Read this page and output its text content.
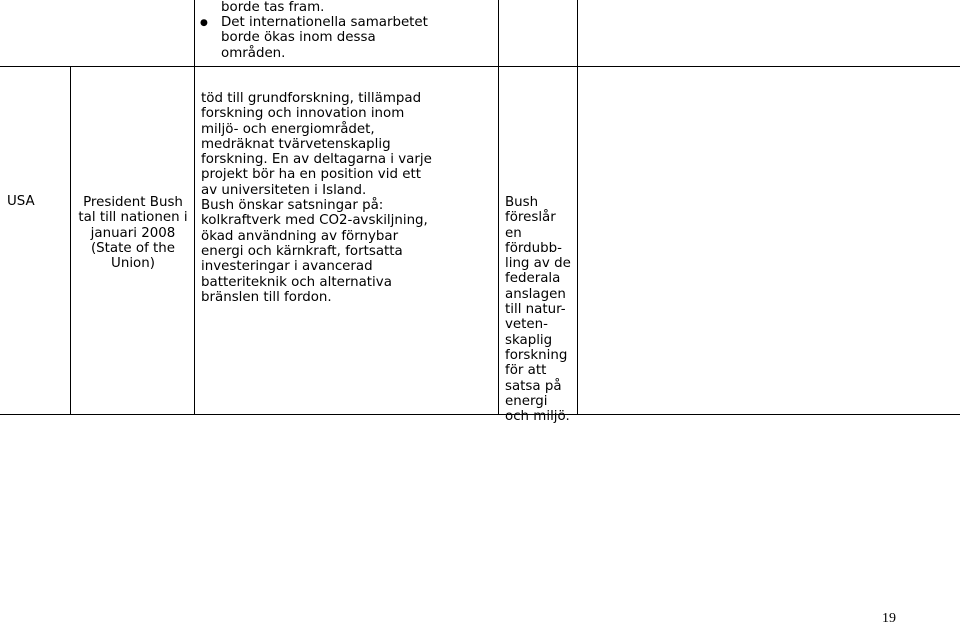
borde tas fram.
● Det internationella samarbetet
borde ökas inom dessa
områden.
USA	President Bush
tal till nationen i
januari 2008
(State of the
Union)
töd till grundforskning, tillämpad
forskning och innovation inom
miljö- och energiområdet,
medräknat tvärvetenskaplig
forskning. En av deltagarna i varje
projekt bör ha en position vid ett
av universiteten i Island.
Bush önskar satsningar på:
kolkraftverk med CO2-avskiljning,
ökad användning av förnybar
energi och kärnkraft, fortsatta
investeringar i avancerad
batteriteknik och alternativa
bränslen till fordon.
Bush
föreslår
en
fördubb-
ling av de
federala
anslagen
till natur-
veten-
skaplig
forskning
för att
satsa på
energi
och miljö.
19
